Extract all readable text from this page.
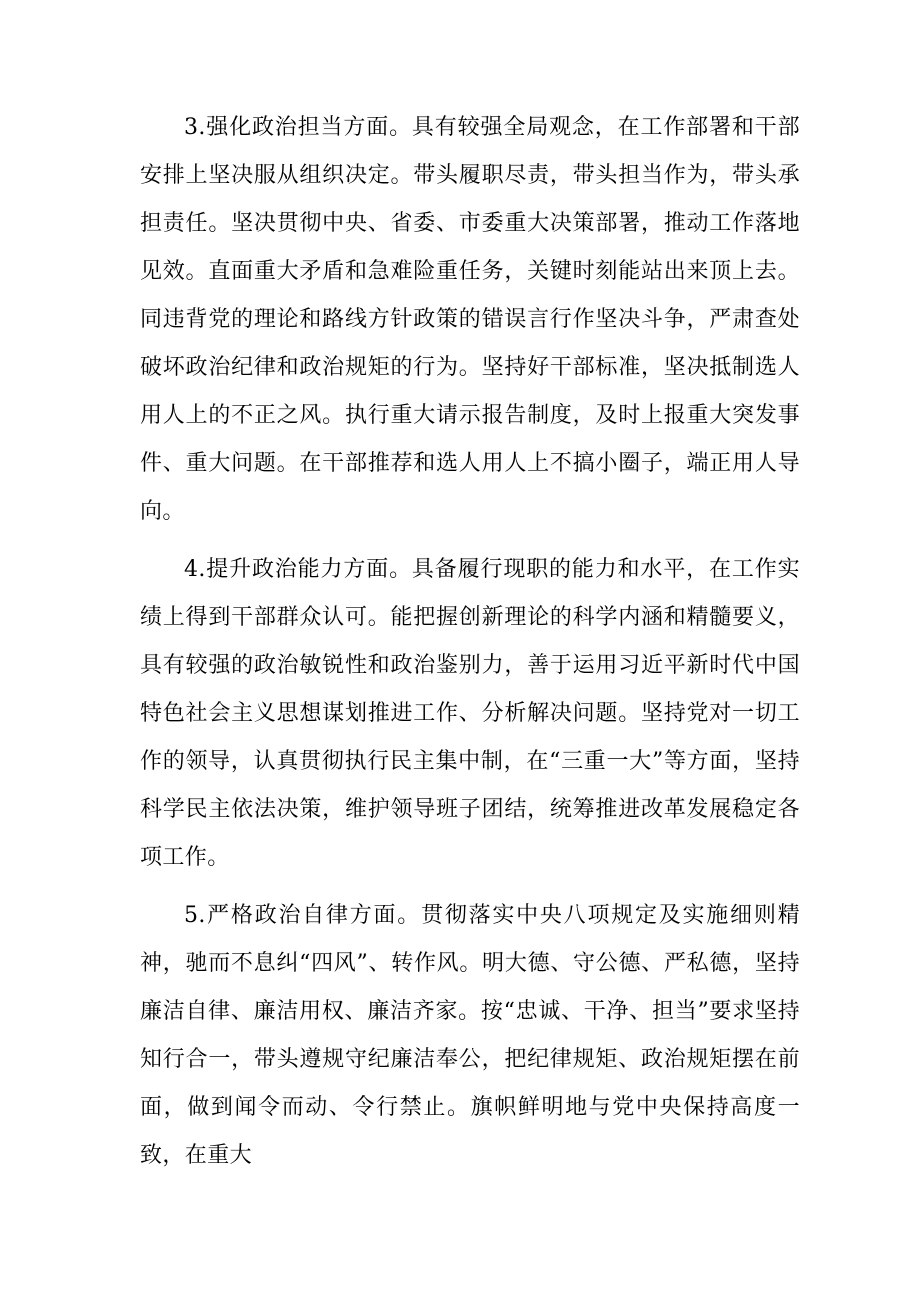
3.强化政治担当方面。具有较强全局观念，在工作部署和干部安排上坚决服从组织决定。带头履职尽责，带头担当作为，带头承担责任。坚决贯彻中央、省委、市委重大决策部署，推动工作落地见效。直面重大矛盾和急难险重任务，关键时刻能站出来顶上去。同违背党的理论和路线方针政策的错误言行作坚决斗争，严肃查处破坏政治纪律和政治规矩的行为。坚持好干部标准，坚决抵制选人用人上的不正之风。执行重大请示报告制度，及时上报重大突发事件、重大问题。在干部推荐和选人用人上不搞小圈子，端正用人导向。

4.提升政治能力方面。具备履行现职的能力和水平，在工作实绩上得到干部群众认可。能把握创新理论的科学内涵和精髓要义，具有较强的政治敏锐性和政治鉴别力，善于运用习近平新时代中国特色社会主义思想谋划推进工作、分析解决问题。坚持党对一切工作的领导，认真贯彻执行民主集中制，在“三重一大”等方面，坚持科学民主依法决策，维护领导班子团结，统筹推进改革发展稳定各项工作。

5.严格政治自律方面。贯彻落实中央八项规定及实施细则精神，驰而不息纠“四风”、转作风。明大德、守公德、严私德，坚持廉洁自律、廉洁用权、廉洁齐家。按“忠诚、干净、担当”要求坚持知行合一，带头遵规守纪廉洁奉公，把纪律规矩、政治规矩摆在前面，做到闻令而动、令行禁止。旗帜鲜明地与党中央保持高度一致，在重大
